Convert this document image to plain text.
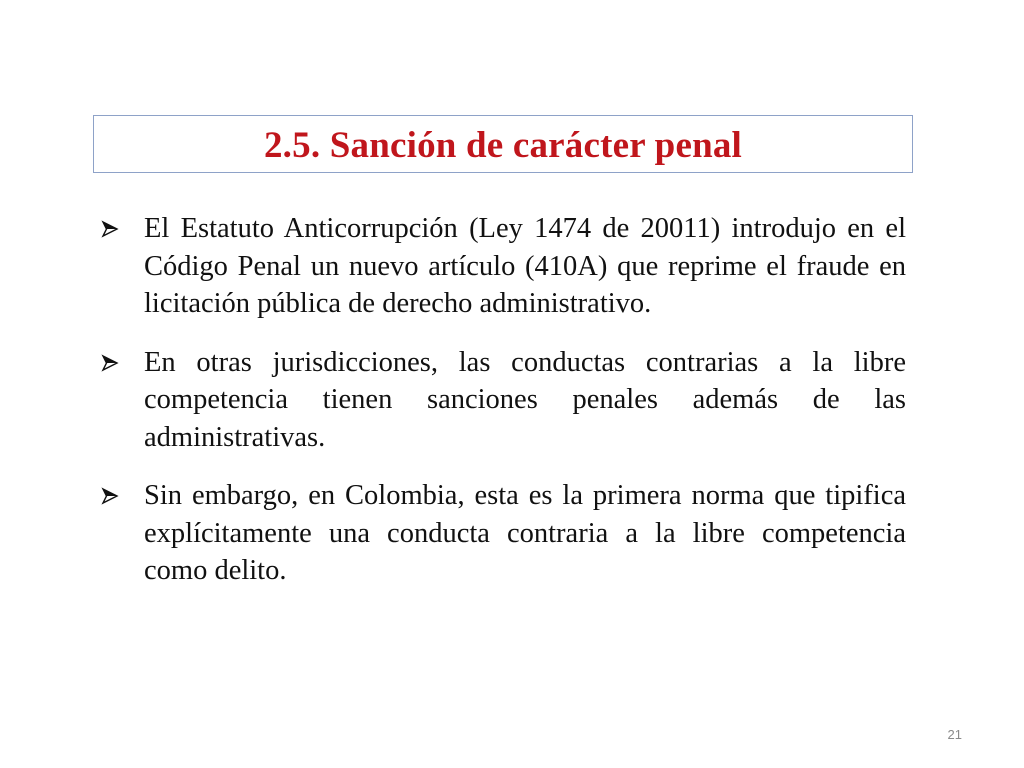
2.5. Sanción de carácter penal

El Estatuto Anticorrupción (Ley 1474 de 20011) introdujo en el Código Penal un nuevo artículo (410A) que reprime el fraude en licitación pública de derecho administrativo.

En otras jurisdicciones, las conductas contrarias a la libre competencia tienen sanciones penales además de las administrativas.

Sin embargo, en Colombia, esta es la primera norma que tipifica explícitamente una conducta contraria a la libre competencia como delito.

21
